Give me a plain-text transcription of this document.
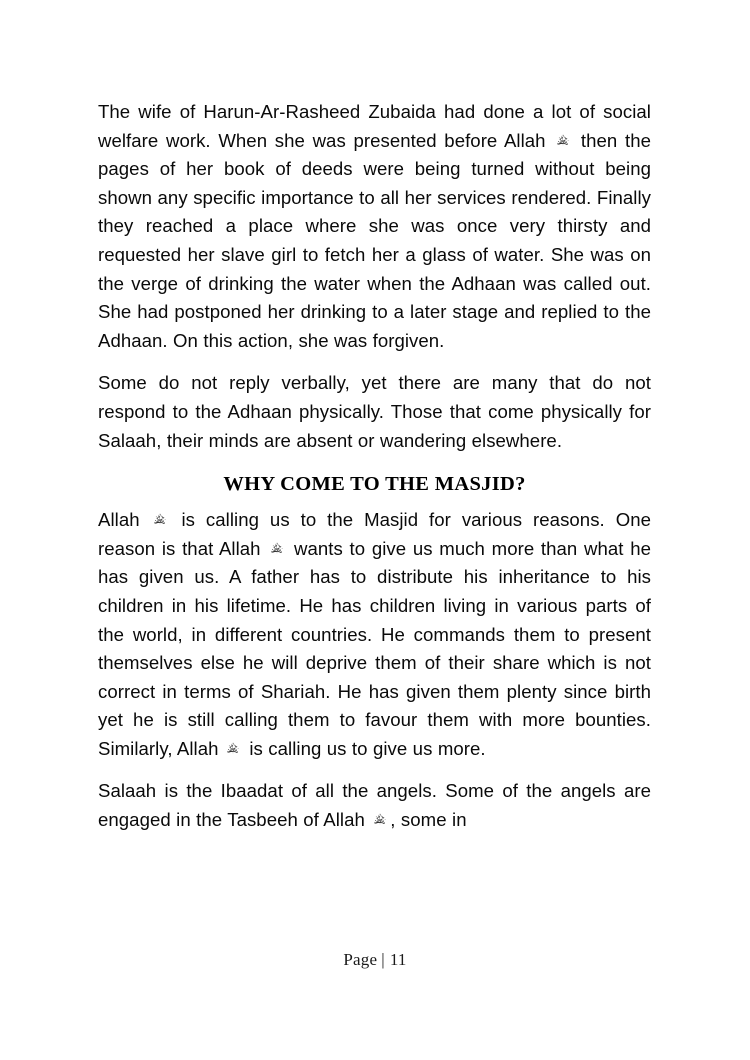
The wife of Harun-Ar-Rasheed Zubaida had done a lot of social welfare work. When she was presented before Allah
then the pages of her book of deeds were being turned without being shown any specific importance to all her services rendered. Finally they reached a place where she was once very thirsty and requested her slave girl to fetch her a glass of water. She was on the verge of drinking the water when the Adhaan was called out. She had postponed her drinking to a later stage and replied to the Adhaan. On this action, she was forgiven.

Some do not reply verbally, yet there are many that do not respond to the Adhaan physically. Those that come physically for Salaah, their minds are absent or wandering elsewhere.

WHY COME TO THE MASJID?

Allah
is calling us to the Masjid for various reasons. One reason is that Allah
wants to give us much more than what he has given us. A father has to distribute his inheritance to his children in his lifetime. He has children living in various parts of the world, in different countries. He commands them to present themselves else he will deprive them of their share which is not correct in terms of Shariah. He has given them plenty since birth yet he is still calling them to favour them with more bounties. Similarly, Allah
is calling us to give us more.

Salaah is the Ibaadat of all the angels. Some of the angels are engaged in the Tasbeeh of Allah
, some in

Page | 11
